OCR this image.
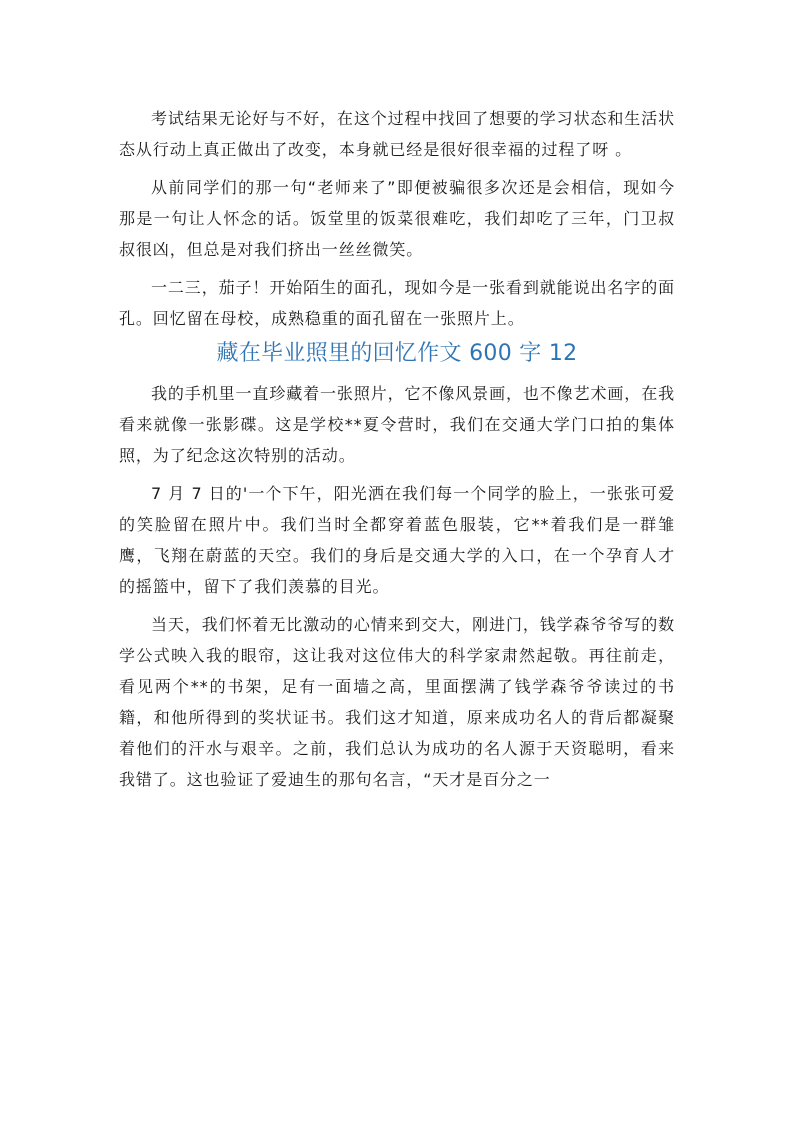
考试结果无论好与不好，在这个过程中找回了想要的学习状态和生活状态从行动上真正做出了改变，本身就已经是很好很幸福的过程了呀 。

从前同学们的那一句“老师来了”即便被骗很多次还是会相信，现如今那是一句让人怀念的话。饭堂里的饭菜很难吃，我们却吃了三年，门卫叔叔很凶，但总是对我们挤出一丝丝微笑。

一二三，茄子！开始陌生的面孔，现如今是一张看到就能说出名字的面孔。回忆留在母校，成熟稳重的面孔留在一张照片上。

藏在毕业照里的回忆作文 600 字 12

我的手机里一直珍藏着一张照片，它不像风景画，也不像艺术画，在我看来就像一张影碟。这是学校**夏令营时，我们在交通大学门口拍的集体照，为了纪念这次特别的活动。

7 月 7 日的'一个下午，阳光洒在我们每一个同学的脸上，一张张可爱的笑脸留在照片中。我们当时全都穿着蓝色服装，它**着我们是一群雏鹰，飞翔在蔚蓝的天空。我们的身后是交通大学的入口，在一个孕育人才的摇篮中，留下了我们羡慕的目光。

当天，我们怀着无比激动的心情来到交大，刚进门，钱学森爷爷写的数学公式映入我的眼帘，这让我对这位伟大的科学家肃然起敬。再往前走，看见两个**的书架，足有一面墙之高，里面摆满了钱学森爷爷读过的书籍，和他所得到的奖状证书。我们这才知道，原来成功名人的背后都凝聚着他们的汗水与艰辛。之前，我们总认为成功的名人源于天资聪明，看来我错了。这也验证了爱迪生的那句名言，“天才是百分之一
